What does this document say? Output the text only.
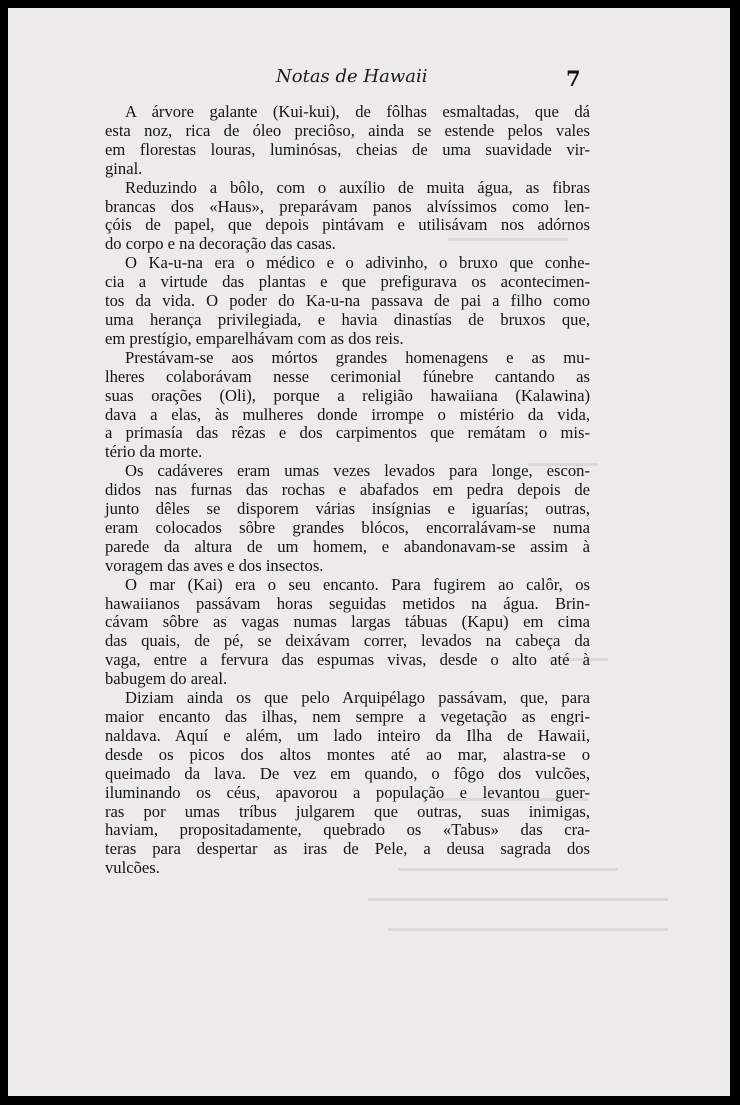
Notas de Hawaii	7

A árvore galante (Kui-kui), de fôlhas esmaltadas, que dá
esta noz, rica de óleo preciôso, ainda se estende pelos vales
em florestas louras, luminósas, cheias de uma suavidade vir-
ginal.

Reduzindo a bôlo, com o auxílio de muita água, as fibras
brancas dos «Haus», preparávam panos alvíssimos como len-
çóis de papel, que depois pintávam e utilisávam nos adórnos
do corpo e na decoração das casas.

O Ka-u-na era o médico e o adivinho, o bruxo que conhe-
cia a virtude das plantas e que prefigurava os acontecimen-
tos da vida. O poder do Ka-u-na passava de pai a filho como
uma herança privilegiada, e havia dinastías de bruxos que,
em prestígio, emparelhávam com as dos reis.

Prestávam-se aos mórtos grandes homenagens e as mu-
lheres colaborávam nesse cerimonial fúnebre cantando as
suas orações (Oli), porque a religião hawaiiana (Kalawina)
dava a elas, às mulheres donde irrompe o mistério da vida,
a primasía das rêzas e dos carpimentos que remátam o mis-
tério da morte.

Os cadáveres eram umas vezes levados para longe, escon-
didos nas furnas das rochas e abafados em pedra depois de
junto dêles se disporem várias insígnias e iguarías; outras,
eram colocados sôbre grandes blócos, encorralávam-se numa
parede da altura de um homem, e abandonavam-se assim à
voragem das aves e dos insectos.

O mar (Kai) era o seu encanto. Para fugirem ao calôr, os
hawaiianos passávam horas seguidas metidos na água. Brin-
cávam sôbre as vagas numas largas tábuas (Kapu) em cima
das quais, de pé, se deixávam correr, levados na cabeça da
vaga, entre a fervura das espumas vivas, desde o alto até à
babugem do areal.

Diziam ainda os que pelo Arquipélago passávam, que, para
maior encanto das ilhas, nem sempre a vegetação as engri-
naldava. Aquí e além, um lado inteiro da Ilha de Hawaii,
desde os picos dos altos montes até ao mar, alastra-se o
queimado da lava. De vez em quando, o fôgo dos vulcões,
iluminando os céus, apavorou a população e levantou guer-
ras por umas tríbus julgarem que outras, suas inimigas,
haviam, propositadamente, quebrado os «Tabus» das cra-
teras para despertar as iras de Pele, a deusa sagrada dos
vulcões.
